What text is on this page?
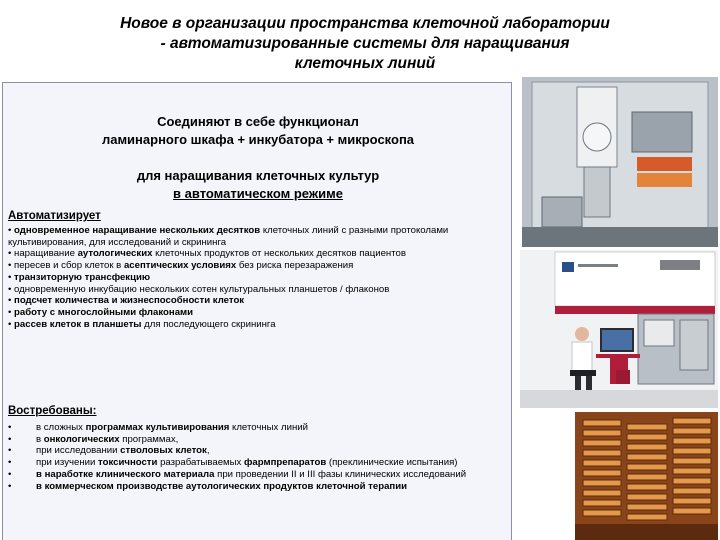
Новое в организации пространства клеточной лаборатории
- автоматизированные системы для наращивания
клеточных линий
Соединяют в себе функционал
ламинарного шкафа + инкубатора + микроскопа
для наращивания клеточных культур
в автоматическом режиме
Автоматизирует
• одновременное наращивание нескольких десятков клеточных линий с разными протоколами культивирования, для исследований и скрининга
• наращивание аутологических клеточных продуктов от нескольких десятков пациентов
• пересев и сбор клеток в асептических условиях без риска перезаражения
• транзиторную трансфекцию
• одновременную инкубацию нескольких сотен культуральных планшетов / флаконов
• подсчет количества и жизнеспособности клеток
• работу с многослойными флаконами
• рассев клеток в планшеты для последующего скрининга
Востребованы:
•	в сложных программах культивирования клеточных линий
•	в онкологических программах,
•	при исследовании стволовых клеток,
•	при изучении токсичности разрабатываемых фармпрепаратов (преклинические испытания)
•	в наработке клинического материала при проведении II и III фазы клинических исследований
•	в коммерческом производстве аутологических продуктов клеточной терапии
